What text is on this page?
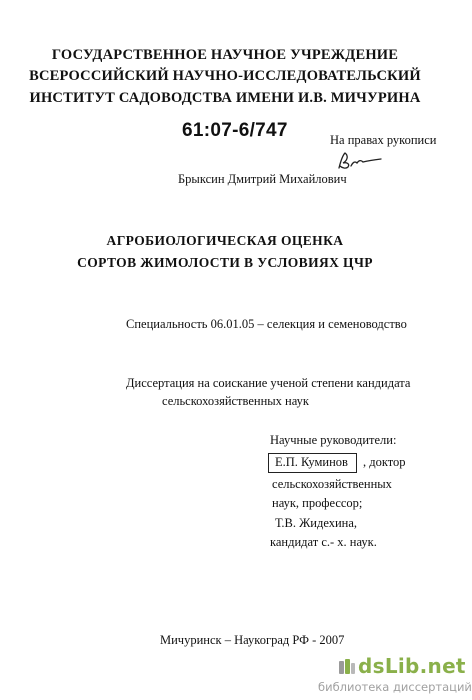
ГОСУДАРСТВЕННОЕ НАУЧНОЕ УЧРЕЖДЕНИЕ
ВСЕРОССИЙСКИЙ НАУЧНО-ИССЛЕДОВАТЕЛЬСКИЙ
ИНСТИТУТ САДОВОДСТВА ИМЕНИ И.В. МИЧУРИНА
61:07-6/747	На правах рукописи
Брыксин Дмитрий Михайлович
АГРОБИОЛОГИЧЕСКАЯ ОЦЕНКА
СОРТОВ ЖИМОЛОСТИ В УСЛОВИЯХ ЦЧР
Специальность 06.01.05 – селекция и семеноводство
Диссертация на соискание ученой степени кандидата
сельскохозяйственных наук
Научные руководители:
Е.П. Куминов , доктор
сельскохозяйственных
наук, профессор;
Т.В. Жидехина,
кандидат с.- х. наук.
Мичуринск – Наукоград РФ - 2007
dsLib.net
библиотека диссертаций
